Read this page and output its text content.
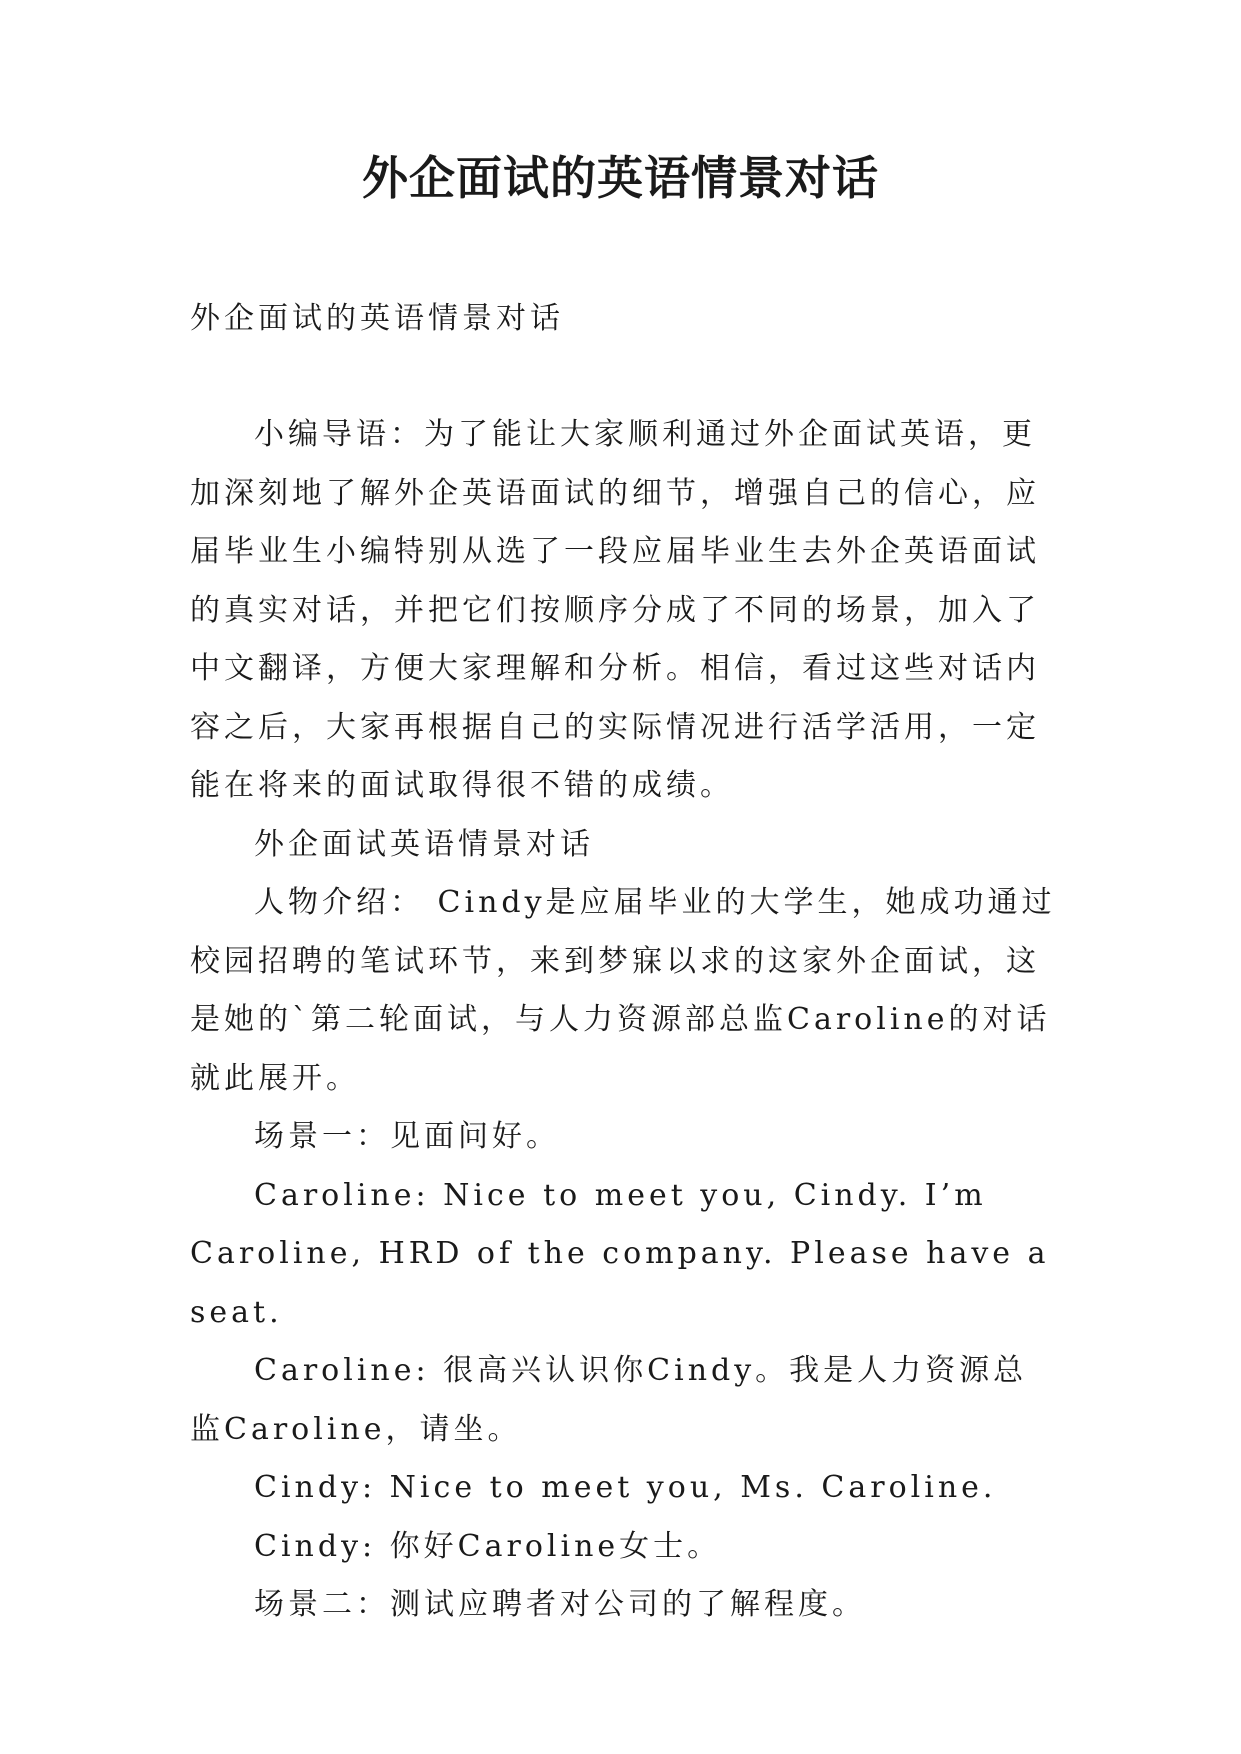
外企面试的英语情景对话
外企面试的英语情景对话

小编导语：为了能让大家顺利通过外企面试英语，更加深刻地了解外企英语面试的细节，增强自己的信心，应届毕业生小编特别从选了一段应届毕业生去外企英语面试的真实对话，并把它们按顺序分成了不同的场景，加入了中文翻译，方便大家理解和分析。相信，看过这些对话内容之后，大家再根据自己的实际情况进行活学活用，一定能在将来的面试取得很不错的成绩。

外企面试英语情景对话

人物介绍： Cindy是应届毕业的大学生，她成功通过校园招聘的笔试环节，来到梦寐以求的这家外企面试，这是她的`第二轮面试，与人力资源部总监Caroline的对话就此展开。

场景一：见面问好。

Caroline: Nice to meet you, Cindy. I’m Caroline, HRD of the company. Please have a seat.

Caroline: 很高兴认识你Cindy。我是人力资源总监Caroline，请坐。

Cindy: Nice to meet you, Ms. Caroline.

Cindy: 你好Caroline女士。

场景二：测试应聘者对公司的了解程度。
